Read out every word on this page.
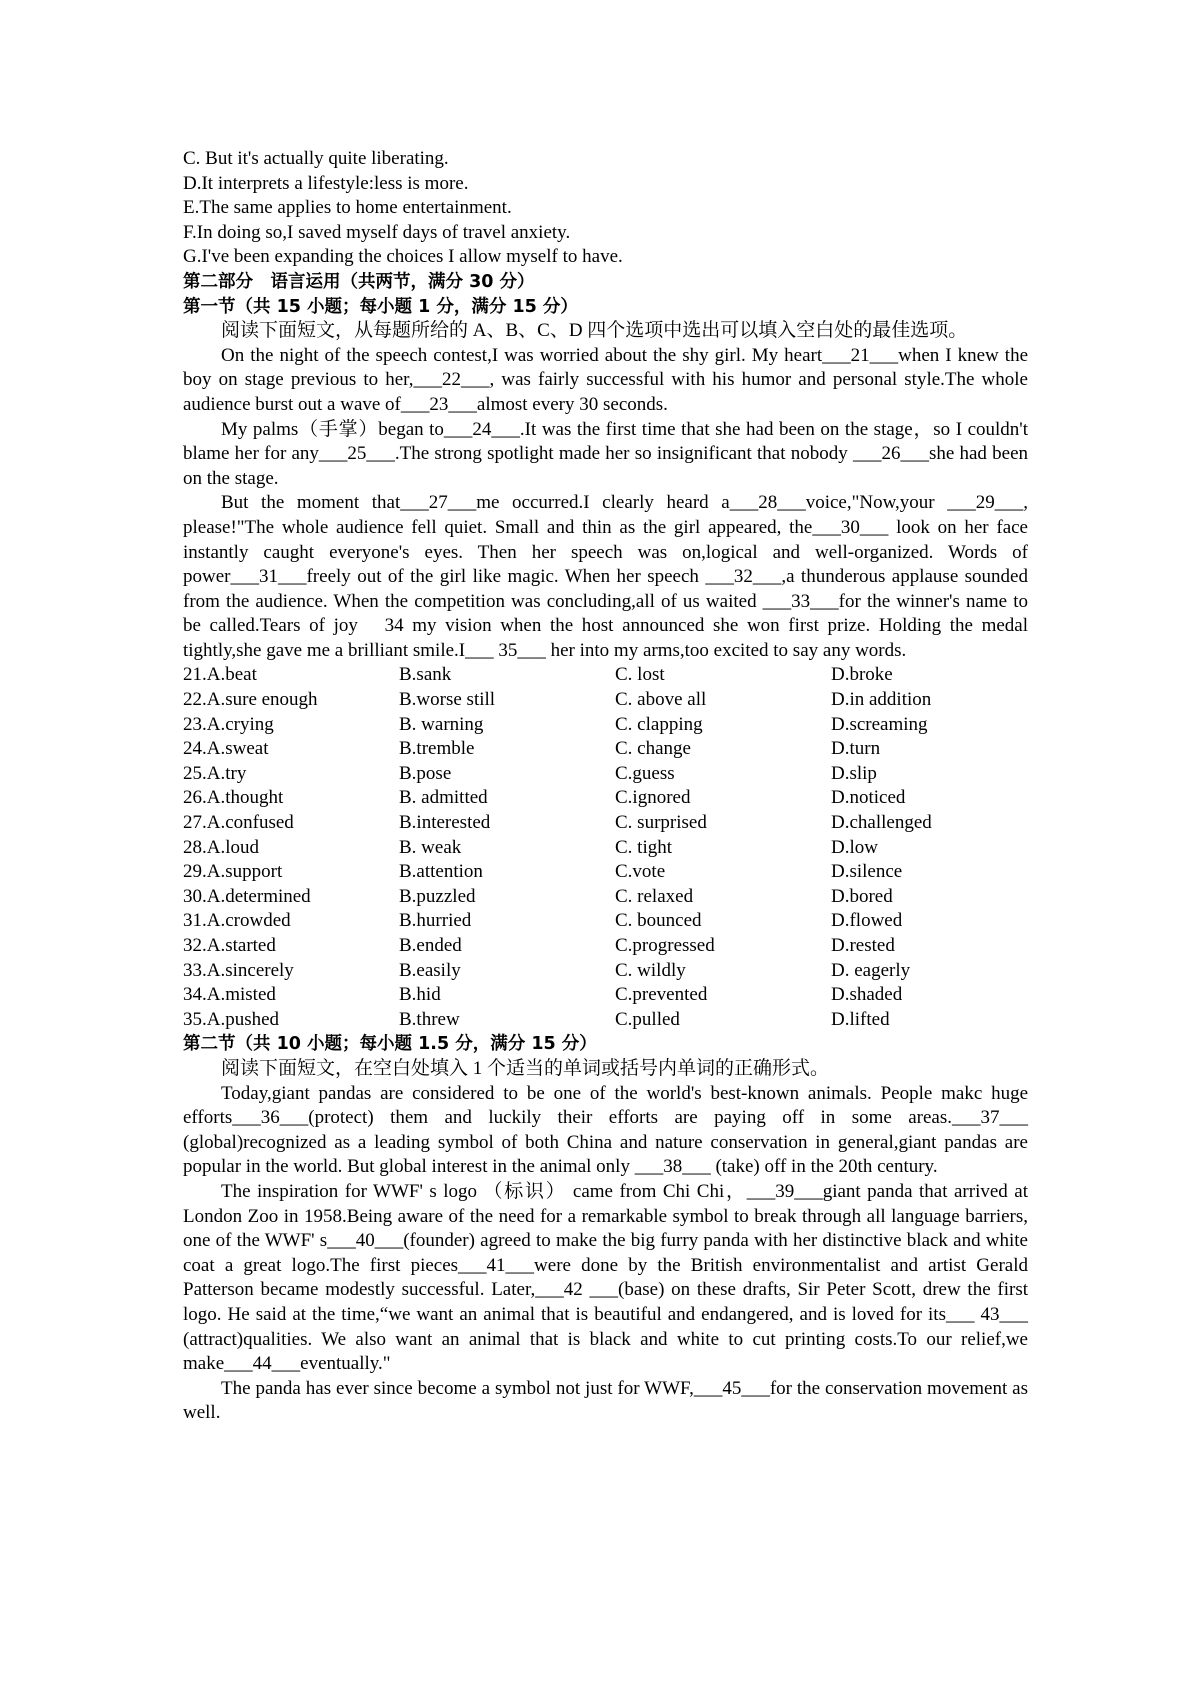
C. But it's actually quite liberating.

D.It interprets a lifestyle:less is more.

E.The same applies to home entertainment.

F.In doing so,I saved myself days of travel anxiety.

G.I've been expanding the choices I allow myself to have.

第二部分　语言运用（共两节，满分 30 分）

第一节（共 15 小题；每小题 1 分，满分 15 分）

阅读下面短文，从每题所给的 A、B、C、D 四个选项中选出可以填入空白处的最佳选项。

On the night of the speech contest,I was worried about the shy girl. My heart___21___when I knew the boy on stage previous to her,___22___, was fairly successful with his humor and personal style.The whole audience burst out a wave of___23___almost every 30 seconds.

My palms（手掌）began to___24___.It was the first time that she had been on the stage，so I couldn't blame her for any___25___.The strong spotlight made her so insignificant that nobody ___26___she had been on the stage.

But the moment that___27___me occurred.I clearly heard a___28___voice,"Now,your ___29___, please!"The whole audience fell quiet. Small and thin as the girl appeared, the___30___ look on her face instantly caught everyone's eyes. Then her speech was on,logical and well-organized. Words of power___31___freely out of the girl like magic. When her speech ___32___,a thunderous applause sounded from the audience. When the competition was concluding,all of us waited ___33___for the winner's name to be called.Tears of joy　34 my vision when the host announced she won first prize. Holding the medal tightly,she gave me a brilliant smile.I___ 35___ her into my arms,too excited to say any words.

21.A.beat	B.sank	C. lost	D.broke
22.A.sure enough	B.worse still	C. above all	D.in addition
23.A.crying	B. warning	C. clapping	D.screaming
24.A.sweat	B.tremble	C. change	D.turn
25.A.try	B.pose	C.guess	D.slip
26.A.thought	B. admitted	C.ignored	D.noticed
27.A.confused	B.interested	C. surprised	D.challenged
28.A.loud	B. weak	C. tight	D.low
29.A.support	B.attention	C.vote	D.silence
30.A.determined	B.puzzled	C. relaxed	D.bored
31.A.crowded	B.hurried	C. bounced	D.flowed
32.A.started	B.ended	C.progressed	D.rested
33.A.sincerely	B.easily	C. wildly	D. eagerly
34.A.misted	B.hid	C.prevented	D.shaded
35.A.pushed	B.threw	C.pulled	D.lifted

第二节（共 10 小题；每小题 1.5 分，满分 15 分）

阅读下面短文，在空白处填入 1 个适当的单词或括号内单词的正确形式。

Today,giant pandas are considered to be one of the world's best-known animals. People makc huge efforts___36___(protect) them and luckily their efforts are paying off in some areas.___37___ (global)recognized as a leading symbol of both China and nature conservation in general,giant pandas are popular in the world. But global interest in the animal only ___38___ (take) off in the 20th century.

The inspiration for WWF' s logo （标识） came from Chi Chi，___39___giant panda that arrived at London Zoo in 1958.Being aware of the need for a remarkable symbol to break through all language barriers, one of the WWF' s___40___(founder) agreed to make the big furry panda with her distinctive black and white coat a great logo.The first pieces___41___were done by the British environmentalist and artist Gerald Patterson became modestly successful. Later,___42 ___(base) on these drafts, Sir Peter Scott, drew the first logo. He said at the time,“we want an animal that is beautiful and endangered, and is loved for its___ 43___ (attract)qualities. We also want an animal that is black and white to cut printing costs.To our relief,we make___44___eventually."

The panda has ever since become a symbol not just for WWF,___45___for the conservation movement as well.
